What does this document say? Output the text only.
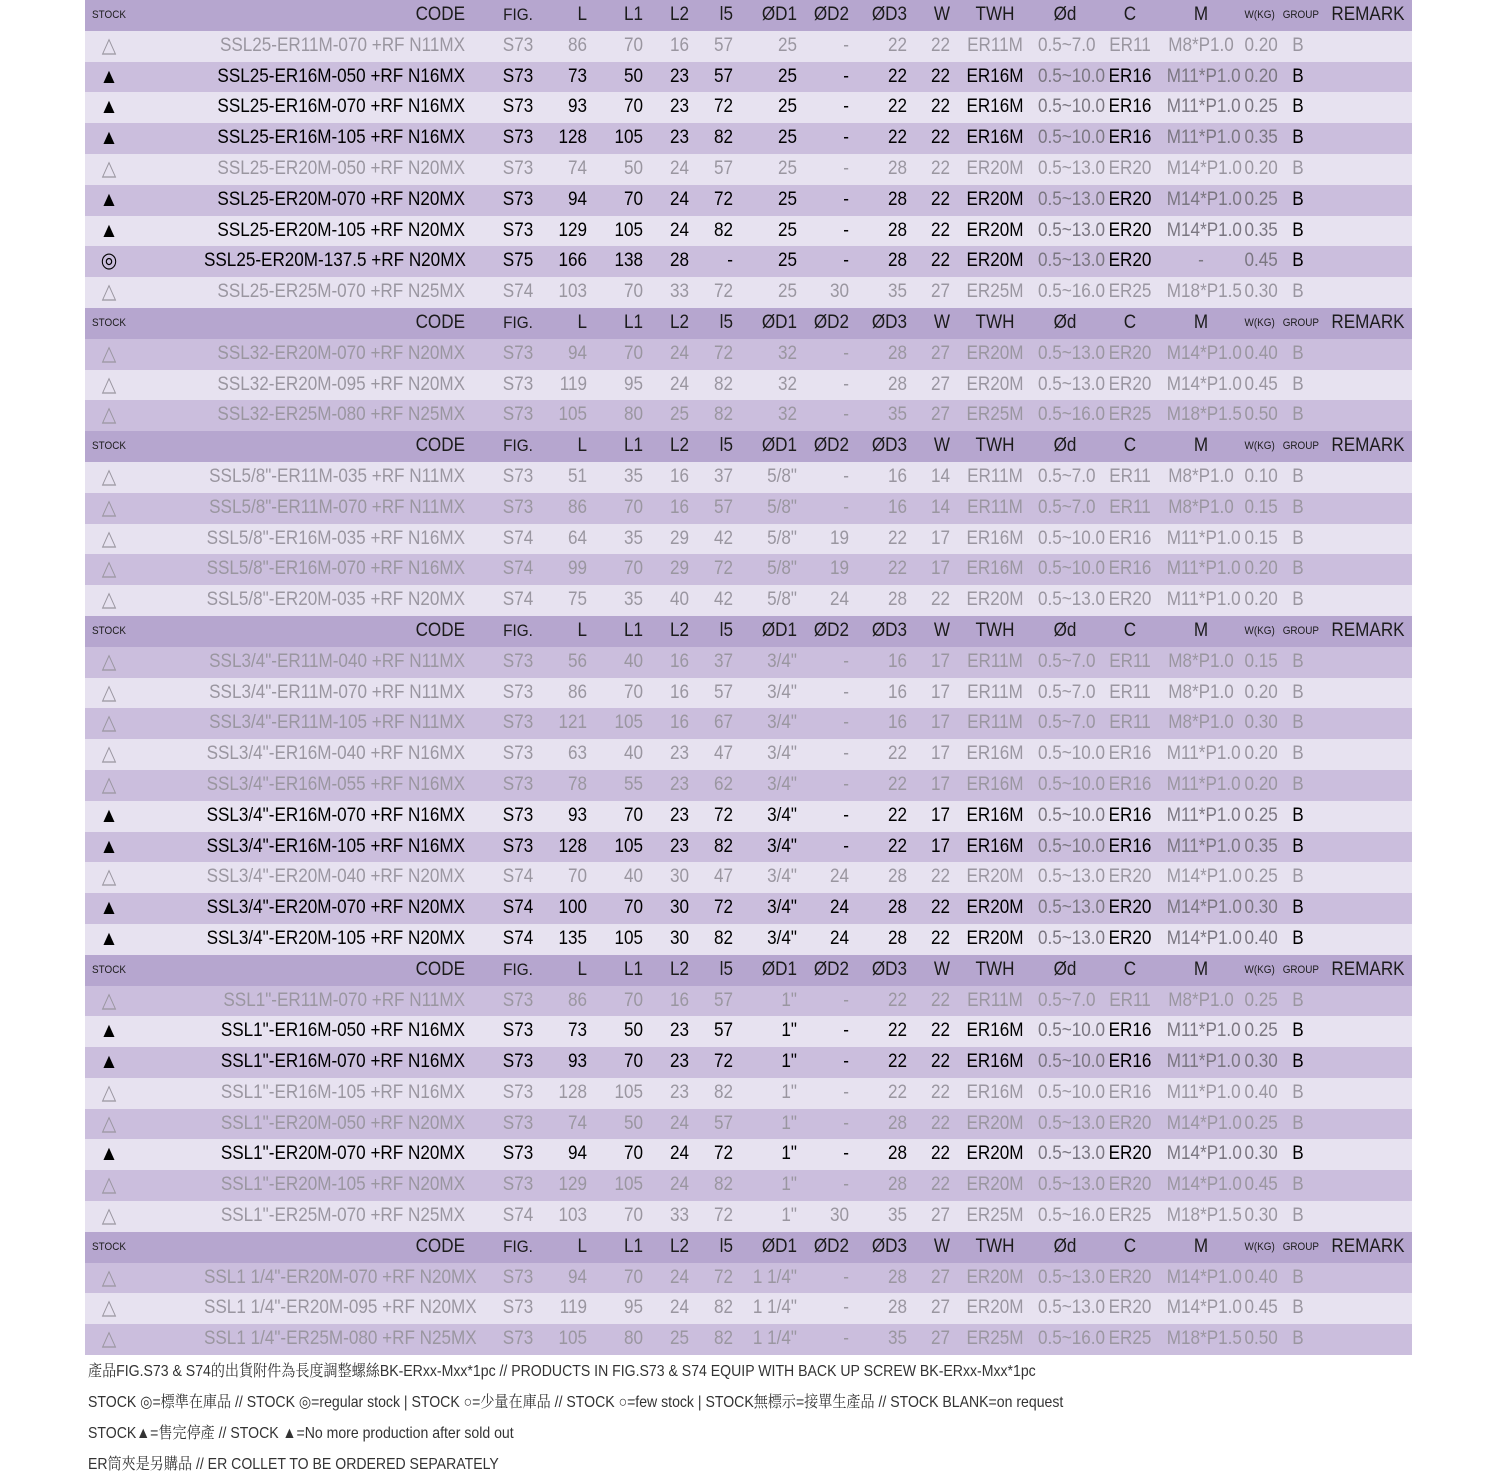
STOCK	CODE	FIG.	L	L1	L2	l5	ØD1 ØD2	ØD3	W	TWH	Ød	C	M	W(KG) GROUP REMARK
△	SSL25-ER11M-070 +RF N11MX	S73	86	70	16	57	25	-	22	22 ER11M 0.5~7.0 ER11 M8*P1.0 0.20 B
▲	SSL25-ER16M-050 +RF N16MX	S73	73	50	23	57	25	-	22	22 ER16M 0.5~10.0 ER16 M11*P1.0 0.20 B
▲	SSL25-ER16M-070 +RF N16MX	S73	93	70	23	72	25	-	22	22 ER16M 0.5~10.0 ER16 M11*P1.0 0.25 B
▲	SSL25-ER16M-105 +RF N16MX	S73	128	105	23	82	25	-	22	22 ER16M 0.5~10.0 ER16 M11*P1.0 0.35 B
△	SSL25-ER20M-050 +RF N20MX	S73	74	50	24	57	25	-	28	22 ER20M 0.5~13.0 ER20 M14*P1.0 0.20 B
▲	SSL25-ER20M-070 +RF N20MX	S73	94	70	24	72	25	-	28	22 ER20M 0.5~13.0 ER20 M14*P1.0 0.25 B
▲	SSL25-ER20M-105 +RF N20MX	S73	129	105	24	82	25	-	28	22 ER20M 0.5~13.0 ER20 M14*P1.0 0.35 B
◎	SSL25-ER20M-137.5 +RF N20MX	S75	166	138	28	-	25	-	28	22 ER20M 0.5~13.0 ER20	-	0.45 B
△	SSL25-ER25M-070 +RF N25MX	S74	103	70	33	72	25	30	35	27 ER25M 0.5~16.0 ER25 M18*P1.5 0.30 B
STOCK	CODE	FIG.	L	L1	L2	l5	ØD1 ØD2	ØD3	W	TWH	Ød	C	M	W(KG) GROUP REMARK
△	SSL32-ER20M-070 +RF N20MX	S73	94	70	24	72	32	-	28	27 ER20M 0.5~13.0 ER20 M14*P1.0 0.40 B
△	SSL32-ER20M-095 +RF N20MX	S73	119	95	24	82	32	-	28	27 ER20M 0.5~13.0 ER20 M14*P1.0 0.45 B
△	SSL32-ER25M-080 +RF N25MX	S73	105	80	25	82	32	-	35	27 ER25M 0.5~16.0 ER25 M18*P1.5 0.50 B
STOCK	CODE	FIG.	L	L1	L2	l5	ØD1 ØD2	ØD3	W	TWH	Ød	C	M	W(KG) GROUP REMARK
△	SSL5/8"-ER11M-035 +RF N11MX	S73	51	35	16	37	5/8"	-	16	14 ER11M 0.5~7.0 ER11 M8*P1.0 0.10 B
△	SSL5/8"-ER11M-070 +RF N11MX	S73	86	70	16	57	5/8"	-	16	14 ER11M 0.5~7.0 ER11 M8*P1.0 0.15 B
△	SSL5/8"-ER16M-035 +RF N16MX	S74	64	35	29	42	5/8"	19	22	17 ER16M 0.5~10.0 ER16 M11*P1.0 0.15 B
△	SSL5/8"-ER16M-070 +RF N16MX	S74	99	70	29	72	5/8"	19	22	17 ER16M 0.5~10.0 ER16 M11*P1.0 0.20 B
△	SSL5/8"-ER20M-035 +RF N20MX	S74	75	35	40	42	5/8"	24	28	22 ER20M 0.5~13.0 ER20 M11*P1.0 0.20 B
STOCK	CODE	FIG.	L	L1	L2	l5	ØD1 ØD2	ØD3	W	TWH	Ød	C	M	W(KG) GROUP REMARK
△	SSL3/4"-ER11M-040 +RF N11MX	S73	56	40	16	37	3/4"	-	16	17 ER11M 0.5~7.0 ER11 M8*P1.0 0.15 B
△	SSL3/4"-ER11M-070 +RF N11MX	S73	86	70	16	57	3/4"	-	16	17 ER11M 0.5~7.0 ER11 M8*P1.0 0.20 B
△	SSL3/4"-ER11M-105 +RF N11MX	S73	121	105	16	67	3/4"	-	16	17 ER11M 0.5~7.0 ER11 M8*P1.0 0.30 B
△	SSL3/4"-ER16M-040 +RF N16MX	S73	63	40	23	47	3/4"	-	22	17 ER16M 0.5~10.0 ER16 M11*P1.0 0.20 B
△	SSL3/4"-ER16M-055 +RF N16MX	S73	78	55	23	62	3/4"	-	22	17 ER16M 0.5~10.0 ER16 M11*P1.0 0.20 B
▲	SSL3/4"-ER16M-070 +RF N16MX	S73	93	70	23	72	3/4"	-	22	17 ER16M 0.5~10.0 ER16 M11*P1.0 0.25 B
▲	SSL3/4"-ER16M-105 +RF N16MX	S73	128	105	23	82	3/4"	-	22	17 ER16M 0.5~10.0 ER16 M11*P1.0 0.35 B
△	SSL3/4"-ER20M-040 +RF N20MX	S74	70	40	30	47	3/4"	24	28	22 ER20M 0.5~13.0 ER20 M14*P1.0 0.25 B
▲	SSL3/4"-ER20M-070 +RF N20MX	S74	100	70	30	72	3/4"	24	28	22 ER20M 0.5~13.0 ER20 M14*P1.0 0.30 B
▲	SSL3/4"-ER20M-105 +RF N20MX	S74	135	105	30	82	3/4"	24	28	22 ER20M 0.5~13.0 ER20 M14*P1.0 0.40 B
STOCK	CODE	FIG.	L	L1	L2	l5	ØD1 ØD2	ØD3	W	TWH	Ød	C	M	W(KG) GROUP REMARK
△	SSL1"-ER11M-070 +RF N11MX	S73	86	70	16	57	1"	-	22	22 ER11M 0.5~7.0 ER11 M8*P1.0 0.25 B
▲	SSL1"-ER16M-050 +RF N16MX	S73	73	50	23	57	1"	-	22	22 ER16M 0.5~10.0 ER16 M11*P1.0 0.25 B
▲	SSL1"-ER16M-070 +RF N16MX	S73	93	70	23	72	1"	-	22	22 ER16M 0.5~10.0 ER16 M11*P1.0 0.30 B
△	SSL1"-ER16M-105 +RF N16MX	S73	128	105	23	82	1"	-	22	22 ER16M 0.5~10.0 ER16 M11*P1.0 0.40 B
△	SSL1"-ER20M-050 +RF N20MX	S73	74	50	24	57	1"	-	28	22 ER20M 0.5~13.0 ER20 M14*P1.0 0.25 B
▲	SSL1"-ER20M-070 +RF N20MX	S73	94	70	24	72	1"	-	28	22 ER20M 0.5~13.0 ER20 M14*P1.0 0.30 B
△	SSL1"-ER20M-105 +RF N20MX	S73	129	105	24	82	1"	-	28	22 ER20M 0.5~13.0 ER20 M14*P1.0 0.45 B
△	SSL1"-ER25M-070 +RF N25MX	S74	103	70	33	72	1"	30	35	27 ER25M 0.5~16.0 ER25 M18*P1.5 0.30 B
STOCK	CODE	FIG.	L	L1	L2	l5	ØD1 ØD2	ØD3	W	TWH	Ød	C	M	W(KG) GROUP REMARK
△	SSL1 1/4"-ER20M-070 +RF N20MX	S73	94	70	24	72 1 1/4"	-	28	27 ER20M 0.5~13.0 ER20 M14*P1.0 0.40 B
△	SSL1 1/4"-ER20M-095 +RF N20MX	S73	119	95	24	82 1 1/4"	-	28	27 ER20M 0.5~13.0 ER20 M14*P1.0 0.45 B
△	SSL1 1/4"-ER25M-080 +RF N25MX	S73	105	80	25	82 1 1/4"	-	35	27 ER25M 0.5~16.0 ER25 M18*P1.5 0.50 B
產品FIG.S73 & S74的出貨附件為長度調整螺絲BK-ERxx-Mxx*1pc // PRODUCTS IN FIG.S73 & S74 EQUIP WITH BACK UP SCREW BK-ERxx-Mxx*1pc
STOCK ◎=標準在庫品 // STOCK ◎=regular stock | STOCK ○=少量在庫品 // STOCK ○=few stock | STOCK無標示=接單生產品 // STOCK BLANK=on request
STOCK▲=售完停產 // STOCK ▲=No more production after sold out
ER筒夾是另購品 // ER COLLET TO BE ORDERED SEPARATELY
